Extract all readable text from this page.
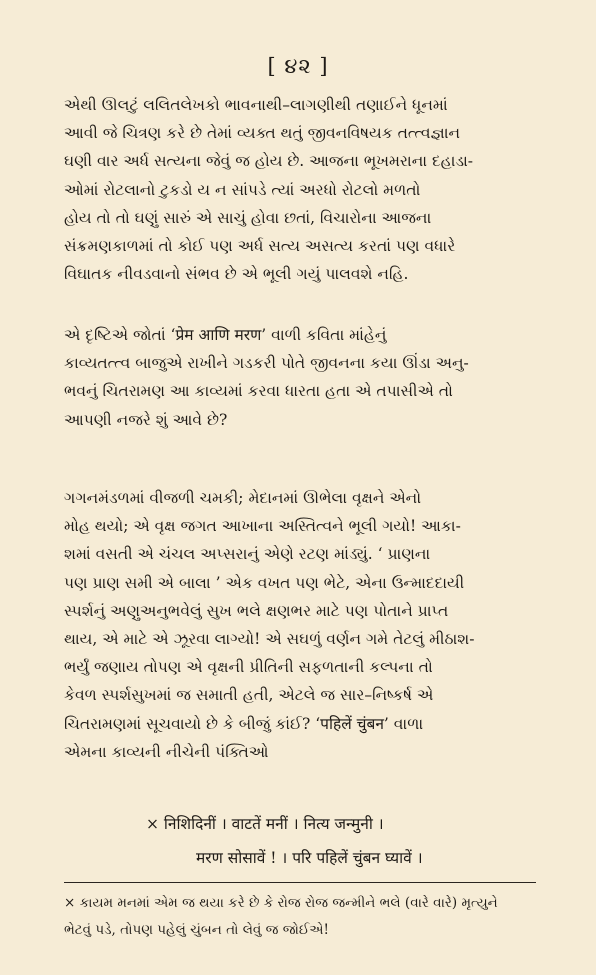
[ ૪૨ ]

એથી ઊલટું લલિતલેખકો ભાવનાથી–લાગણીથી તણાઈને ધૂનમાં
આવી જે ચિત્રણ કરે છે તેમાં વ્યક્ત થતું જીવનવિષયક તત્ત્વજ્ઞાન
ઘણી વાર અર્ધ સત્યના જેવું જ હોય છે. આજના ભૂખમરાના દહાડા-
ઓમાં રોટલાનો ટુકડો ય ન સાંપડે ત્યાં અરધો રોટલો મળતો
હોય તો તો ઘણું સારું એ સાચું હોવા છતાં, વિચારોના આજના
સંક્રમણકાળમાં તો કોઈ પણ અર્ધ સત્ય અસત્ય કરતાં પણ વધારે
વિઘાતક નીવડવાનો સંભવ છે એ ભૂલી ગયું પાલવશે નહિ.

એ દૃષ્ટિએ જોતાં ‘प्रेम आणि मरण’ વાળી કવિતા માંહેનું
કાવ્યતત્ત્વ બાજુએ રાખીને ગડકરી પોતે જીવનના કયા ઊંડા અનુ-
ભવનું ચિતરામણ આ કાવ્યમાં કરવા ધારતા હતા એ તપાસીએ તો
આપણી નજરે શું આવે છે?

ગગનમંડળમાં વીજળી ચમકી; મેદાનમાં ઊભેલા વૃક્ષને એનો
મોહ થયો; એ વૃક્ષ જગત આખાના અસ્તિત્વને ભૂલી ગયો! આકા-
શમાં વસતી એ ચંચલ અપ્સરાનું એણે રટણ માંડ્યું. ‘ પ્રાણના
પણ પ્રાણ સમી એ બાલા ’ એક વખત પણ ભેટે, એના ઉન્માદદાયી
સ્પર્શનું અણુઅનુભવેલું સુખ ભલે ક્ષણભર માટે પણ પોતાને પ્રાપ્ત
થાય, એ માટે એ ઝૂરવા લાગ્યો! એ સઘળું વર્ણન ગમે તેટલું મીઠાશ-
ભર્યું જણાય તોપણ એ વૃક્ષની પ્રીતિની સફળતાની કલ્પના તો
કેવળ સ્પર્શસુખમાં જ સમાતી હતી, એટલે જ સાર–નિષ્કર્ષ એ
ચિતરામણમાં સૂચવાયો છે કે બીજું કાંઈ? ‘पहिलें चुंबन’ વાળા
એમના કાવ્યની નીચેની પંક્તિઓ

× निशिदिनीं । वाटतें मनीं । नित्य जन्मुनी ।
मरण सोसावें ! । परि पहिलें चुंबन घ्यावें ।
× કાયમ મનમાં એમ જ થયા કરે છે કે રોજ રોજ જન્મીને ભલે (વારે વારે) મૃત્યુને
ભેટવું પડે, તોપણ પહેલું ચુંબન તો લેવું જ જોઈએ!
